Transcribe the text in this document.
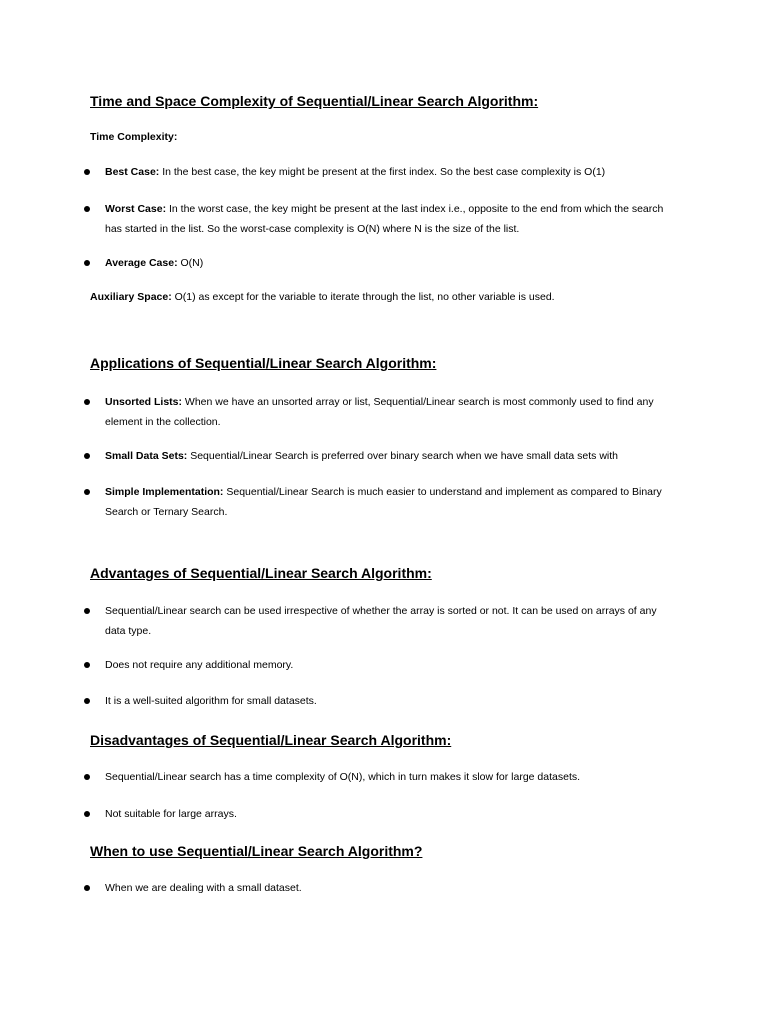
Time and Space Complexity of Sequential/Linear Search Algorithm:

Time Complexity:

Best Case: In the best case, the key might be present at the first index. So the best case complexity is O(1)
Worst Case: In the worst case, the key might be present at the last index i.e., opposite to the end from which the search has started in the list. So the worst-case complexity is O(N) where N is the size of the list.
Average Case: O(N)

Auxiliary Space: O(1) as except for the variable to iterate through the list, no other variable is used.

Applications of Sequential/Linear Search Algorithm:
Unsorted Lists: When we have an unsorted array or list, Sequential/Linear search is most commonly used to find any element in the collection.
Small Data Sets: Sequential/Linear Search is preferred over binary search when we have small data sets with
Simple Implementation: Sequential/Linear Search is much easier to understand and implement as compared to Binary Search or Ternary Search.
Advantages of Sequential/Linear Search Algorithm:
Sequential/Linear search can be used irrespective of whether the array is sorted or not. It can be used on arrays of any data type.
Does not require any additional memory.
It is a well-suited algorithm for small datasets.
Disadvantages of Sequential/Linear Search Algorithm:
Sequential/Linear search has a time complexity of O(N), which in turn makes it slow for large datasets.
Not suitable for large arrays.
When to use Sequential/Linear Search Algorithm?
When we are dealing with a small dataset.
